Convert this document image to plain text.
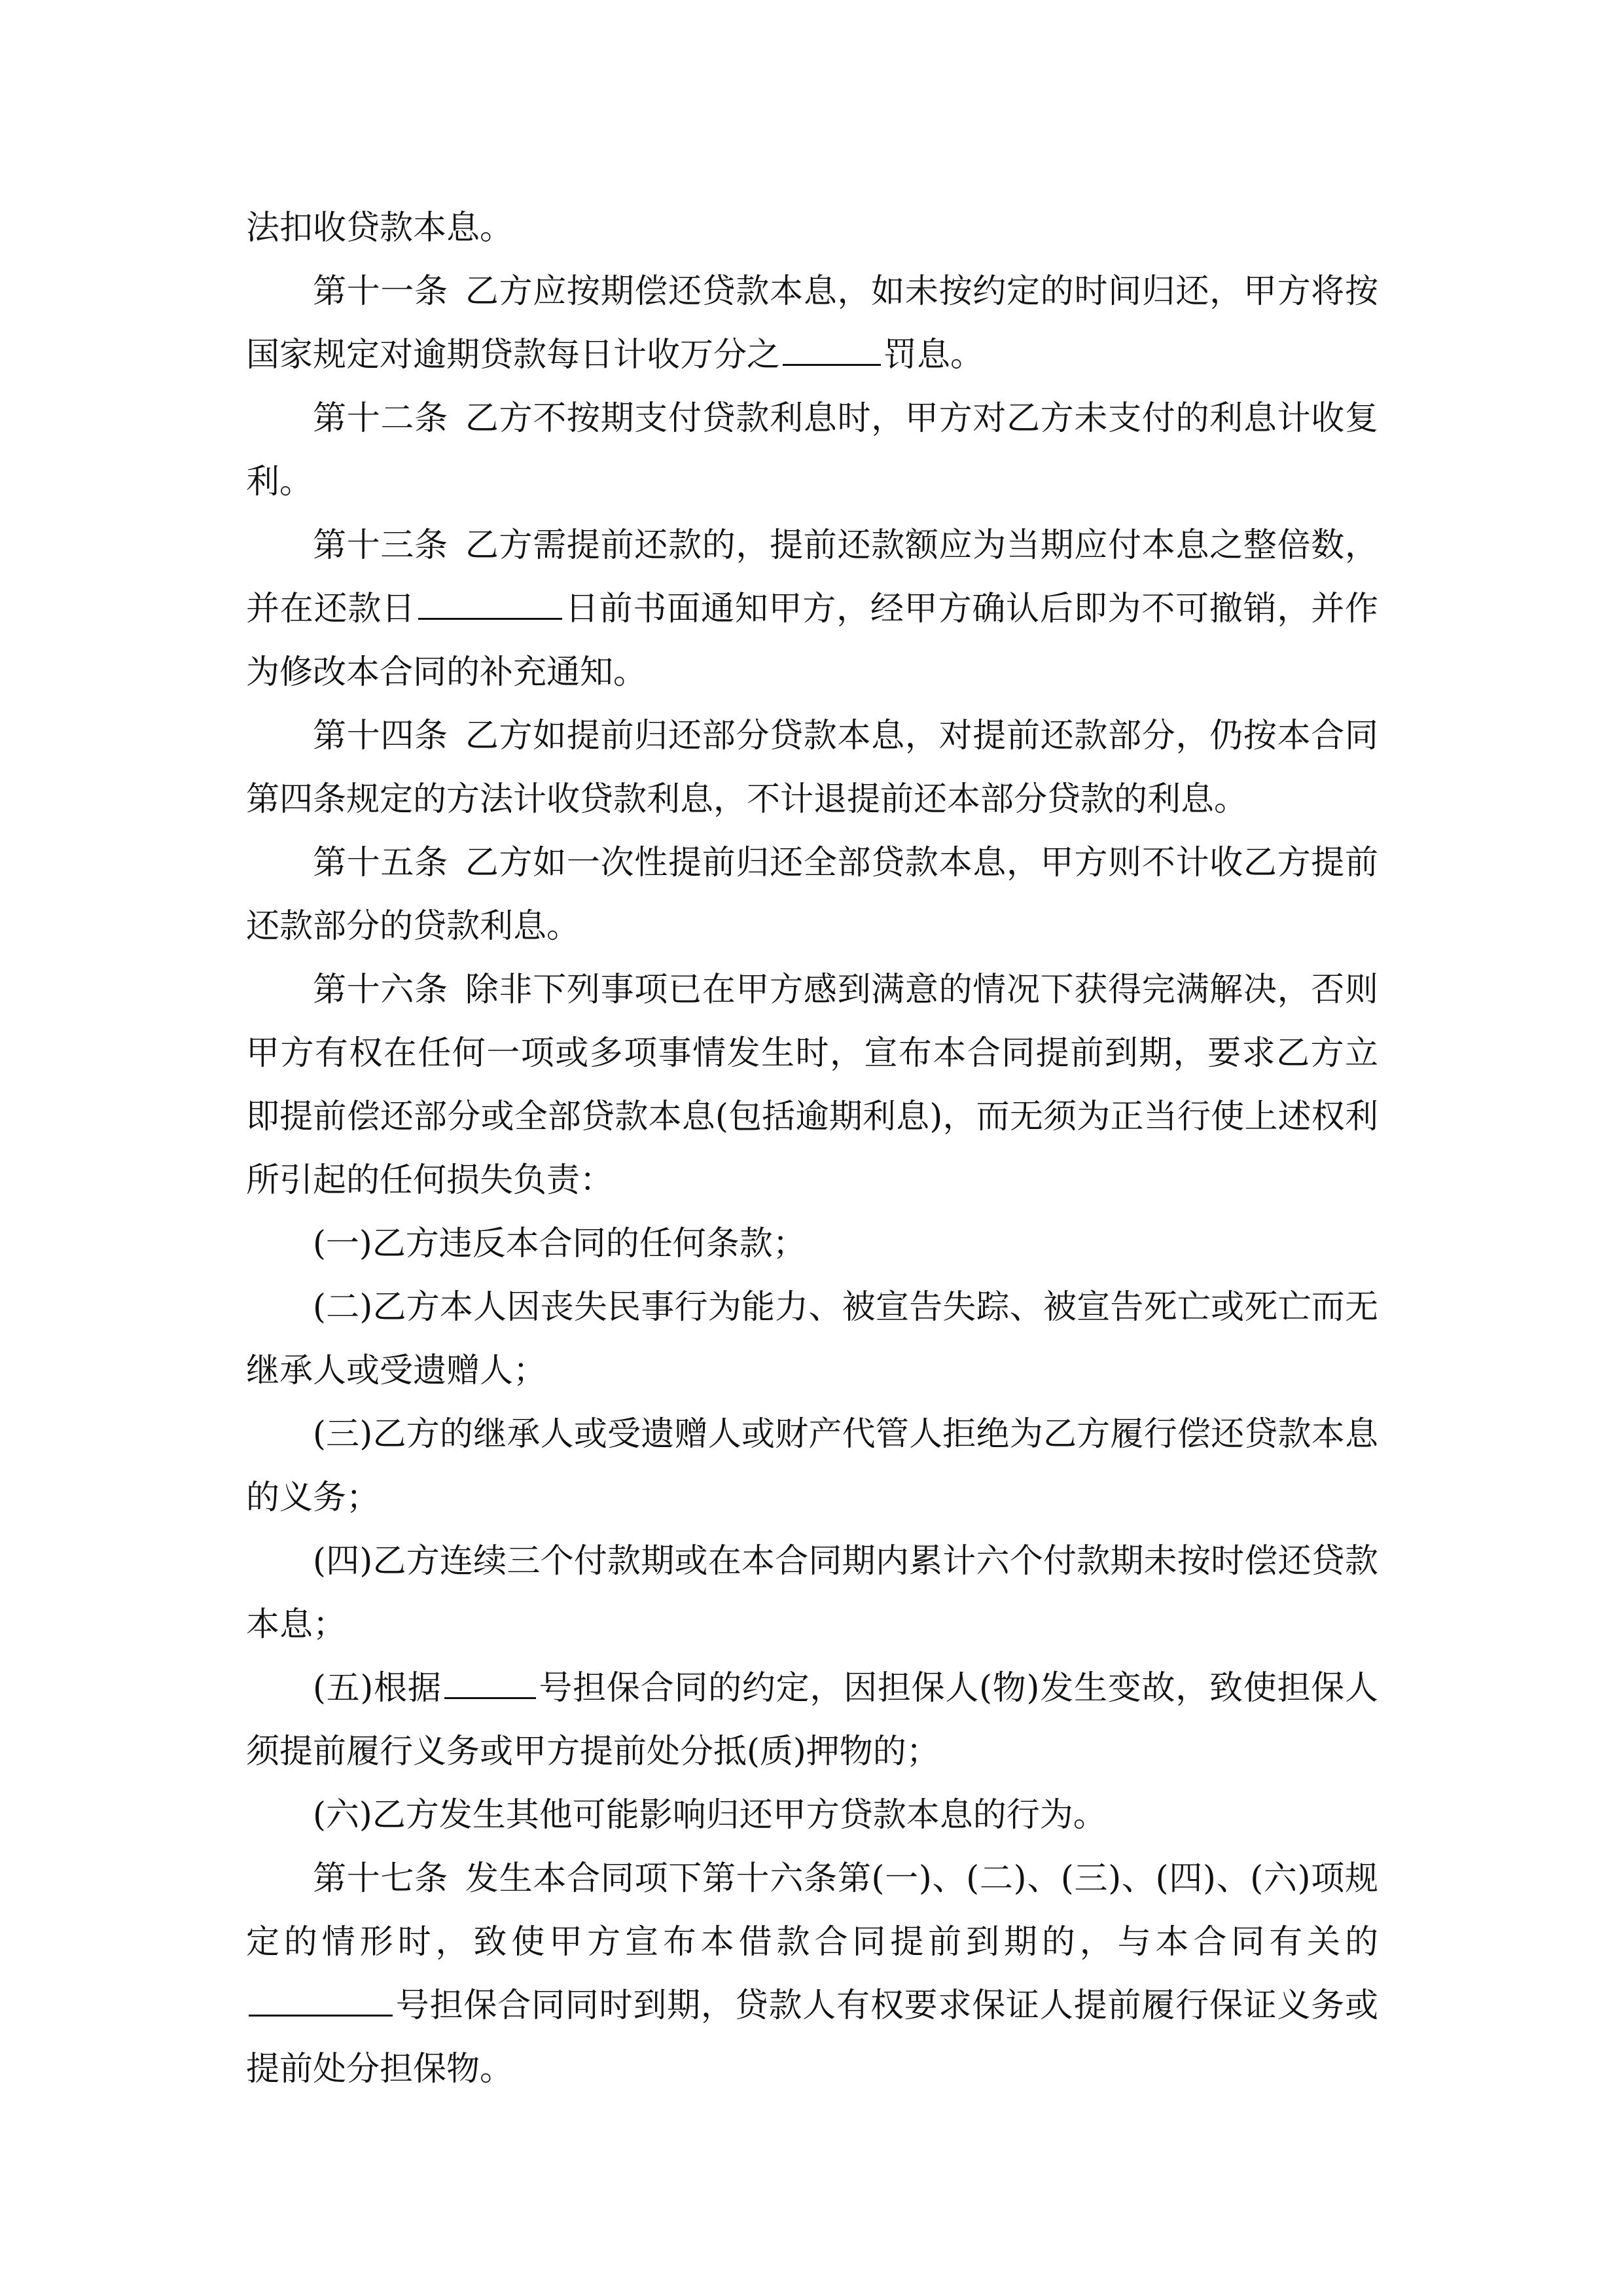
法扣收贷款本息。

第十一条 乙方应按期偿还贷款本息，如未按约定的时间归还，甲方将按国家规定对逾期贷款每日计收万分之	罚息。

第十二条 乙方不按期支付贷款利息时，甲方对乙方未支付的利息计收复利。

第十三条 乙方需提前还款的，提前还款额应为当期应付本息之整倍数，并在还款日	日前书面通知甲方，经甲方确认后即为不可撤销，并作为修改本合同的补充通知。

第十四条 乙方如提前归还部分贷款本息，对提前还款部分，仍按本合同第四条规定的方法计收贷款利息，不计退提前还本部分贷款的利息。

第十五条 乙方如一次性提前归还全部贷款本息，甲方则不计收乙方提前还款部分的贷款利息。

第十六条 除非下列事项已在甲方感到满意的情况下获得完满解决，否则甲方有权在任何一项或多项事情发生时，宣布本合同提前到期，要求乙方立即提前偿还部分或全部贷款本息(包括逾期利息)，而无须为正当行使上述权利所引起的任何损失负责：

(一)乙方违反本合同的任何条款；

(二)乙方本人因丧失民事行为能力、被宣告失踪、被宣告死亡或死亡而无继承人或受遗赠人；

(三)乙方的继承人或受遗赠人或财产代管人拒绝为乙方履行偿还贷款本息的义务；

(四)乙方连续三个付款期或在本合同期内累计六个付款期未按时偿还贷款本息；

(五)根据	号担保合同的约定，因担保人(物)发生变故，致使担保人须提前履行义务或甲方提前处分抵(质)押物的；

(六)乙方发生其他可能影响归还甲方贷款本息的行为。

第十七条 发生本合同项下第十六条第(一)、(二)、(三)、(四)、(六)项规定的情形时，致使甲方宣布本借款合同提前到期的，与本合同有关的号担保合同同时到期，贷款人有权要求保证人提前履行保证义务或提前处分担保物。
